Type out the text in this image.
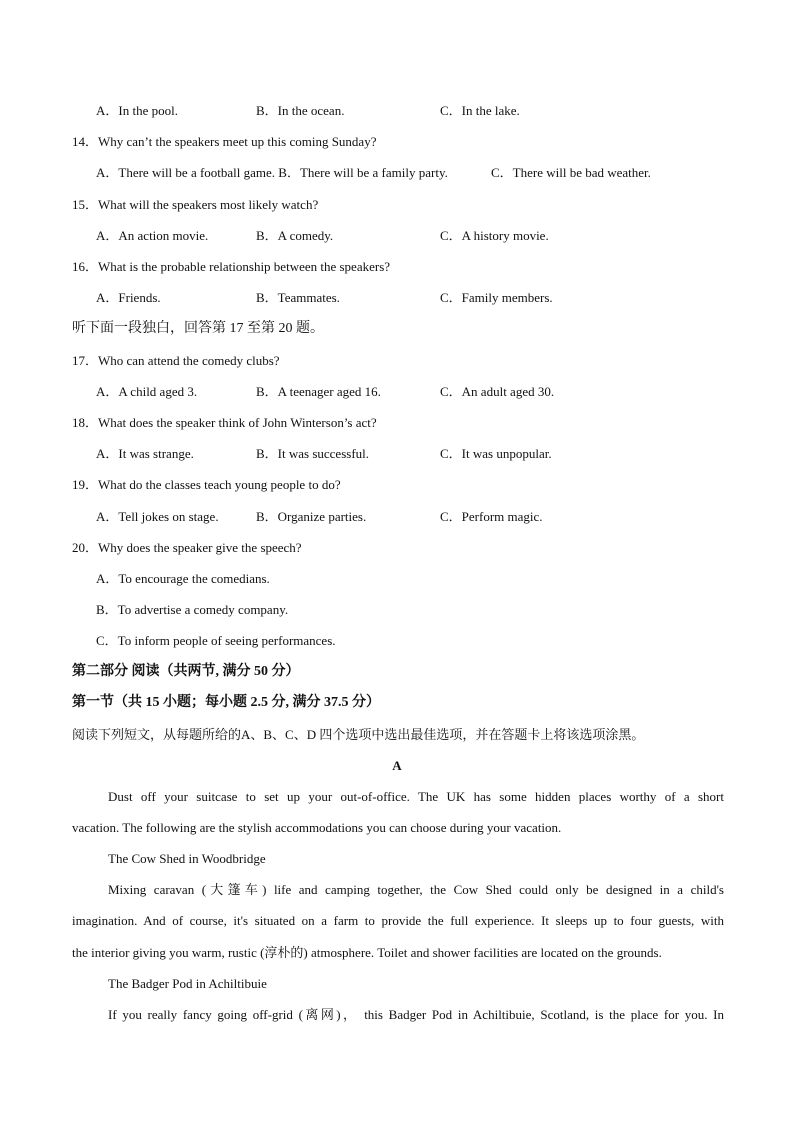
A．In the pool.	B．In the ocean.	C．In the lake.
14．Why can’t the speakers meet up this coming Sunday?
A．There will be a football game. B．There will be a family party.	C．There will be bad weather.
15．What will the speakers most likely watch?
A．An action movie.	B．A comedy.	C．A history movie.
16．What is the probable relationship between the speakers?
A．Friends.	B．Teammates.	C．Family members.
听下面一段独白，回答第 17 至第 20 题。
17．Who can attend the comedy clubs?
A．A child aged 3.	B．A teenager aged 16.	C．An adult aged 30.
18．What does the speaker think of John Winterson’s act?
A．It was strange.	B．It was successful.	C．It was unpopular.
19．What do the classes teach young people to do?
A．Tell jokes on stage.	B．Organize parties.	C．Perform magic.
20．Why does the speaker give the speech?
A．To encourage the comedians.
B．To advertise a comedy company.
C．To inform people of seeing performances.
第二部分 阅读（共两节, 满分 50 分）
第一节（共 15 小题；每小题 2.5 分, 满分 37.5 分）
阅读下列短文，从每题所给的A、B、C、D 四个选项中选出最佳选项，并在答题卡上将该选项涂黑。
A
Dust off your suitcase to set up your out-of-office. The UK has some hidden places worthy of a short
vacation. The following are the stylish accommodations you can choose during your vacation.
The Cow Shed in Woodbridge
Mixing caravan (大篷车) life and camping together, the Cow Shed could only be designed in a child's
imagination. And of course, it's situated on a farm to provide the full experience. It sleeps up to four guests, with
the interior giving you warm, rustic (淳朴的) atmosphere. Toilet and shower facilities are located on the grounds.
The Badger Pod in Achiltibuie
If you really fancy going off-grid (离网)， this Badger Pod in Achiltibuie, Scotland, is the place for you. In
